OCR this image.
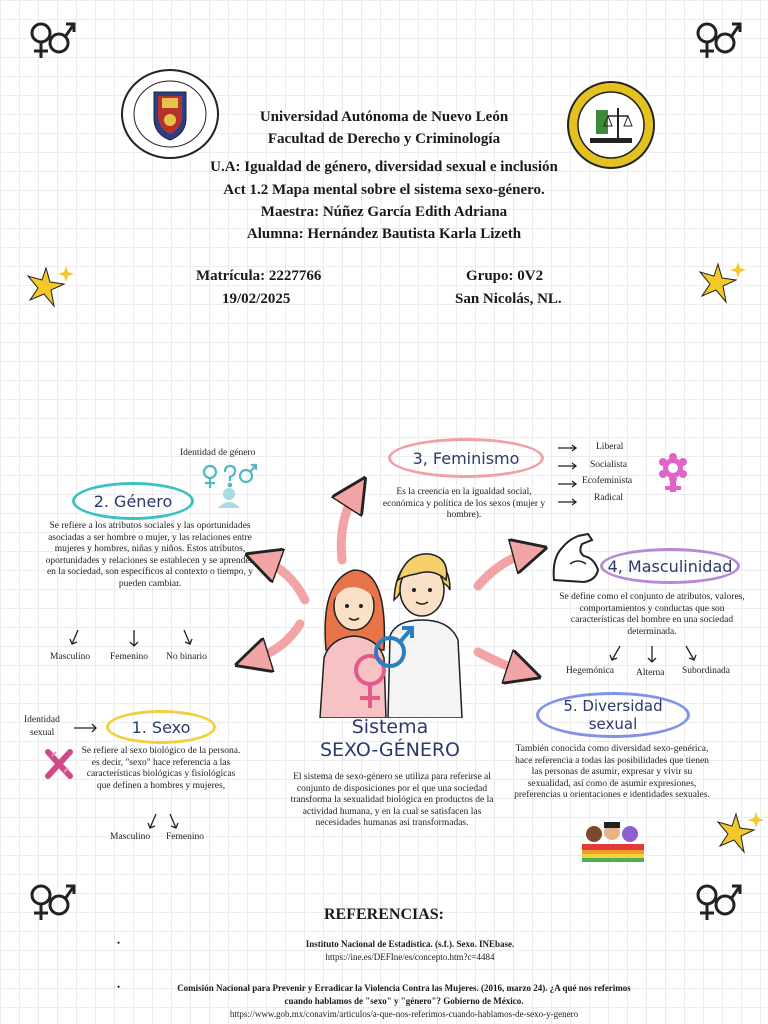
Universidad Autónoma de Nuevo León
Facultad de Derecho y Criminología
U.A: Igualdad de género, diversidad sexual e inclusión
Act 1.2 Mapa mental sobre el sistema sexo-género.
Maestra: Núñez García Edith Adriana
Alumna: Hernández Bautista Karla Lizeth
Matrícula: 2227766	Grupo: 0V2
19/02/2025	San Nicolás, NL.
Identidad de género
2. Género
Se refiere a los atributos sociales y las oportunidades asociadas a ser hombre o mujer, y las relaciones entre mujeres y hombres, niñas y niños. Estos atributos, oportunidades y relaciones se establecen y se aprenden en la sociedad, son específicos al contexto o tiempo, y pueden cambiar.
Masculino Femenino No binario
3, Feminismo
Es la creencia en la igualdad social, económica y política de los sexos (mujer y hombre).
Liberal
Socialista
Ecofeminista
Radical
4, Masculinidad
Se define como el conjunto de atributos, valores, comportamientos y conductas que son características del hombre en una sociedad determinada.
Hegemónica Alterna Subordinada
Identidad
sexual	1. Sexo
Se refiere al sexo biológico de la persona. es decir, "sexo" hace referencia a las características biológicas y fisiológicas que definen a hombres y mujeres,
Masculino Femenino
5. Diversidad
sexual
También conocida como diversidad sexo-genérica, hace referencia a todas las posibilidades que tienen las personas de asumir, expresar y vivir su sexualidad, así como de asumir expresiones, preferencias u orientaciones e identidades sexuales.
Sistema
SEXO-GÉNERO
El sistema de sexo-género se utiliza para referirse al conjunto de disposiciones por el que una sociedad transforma la sexualidad biológica en productos de la actividad humana, y en la cual se satisfacen las necesidades humanas así transformadas.
REFERENCIAS:
•	Instituto Nacional de Estadística. (s.f.). Sexo. INEbase.
https://ine.es/DEFIne/es/concepto.htm?c=4484
•	Comisión Nacional para Prevenir y Erradicar la Violencia Contra las Mujeres. (2016, marzo 24). ¿A qué nos referimos
cuando hablamos de "sexo" y "género"? Gobierno de México.
https://www.gob.mx/conavim/articulos/a-que-nos-referimos-cuando-hablamos-de-sexo-y-genero
